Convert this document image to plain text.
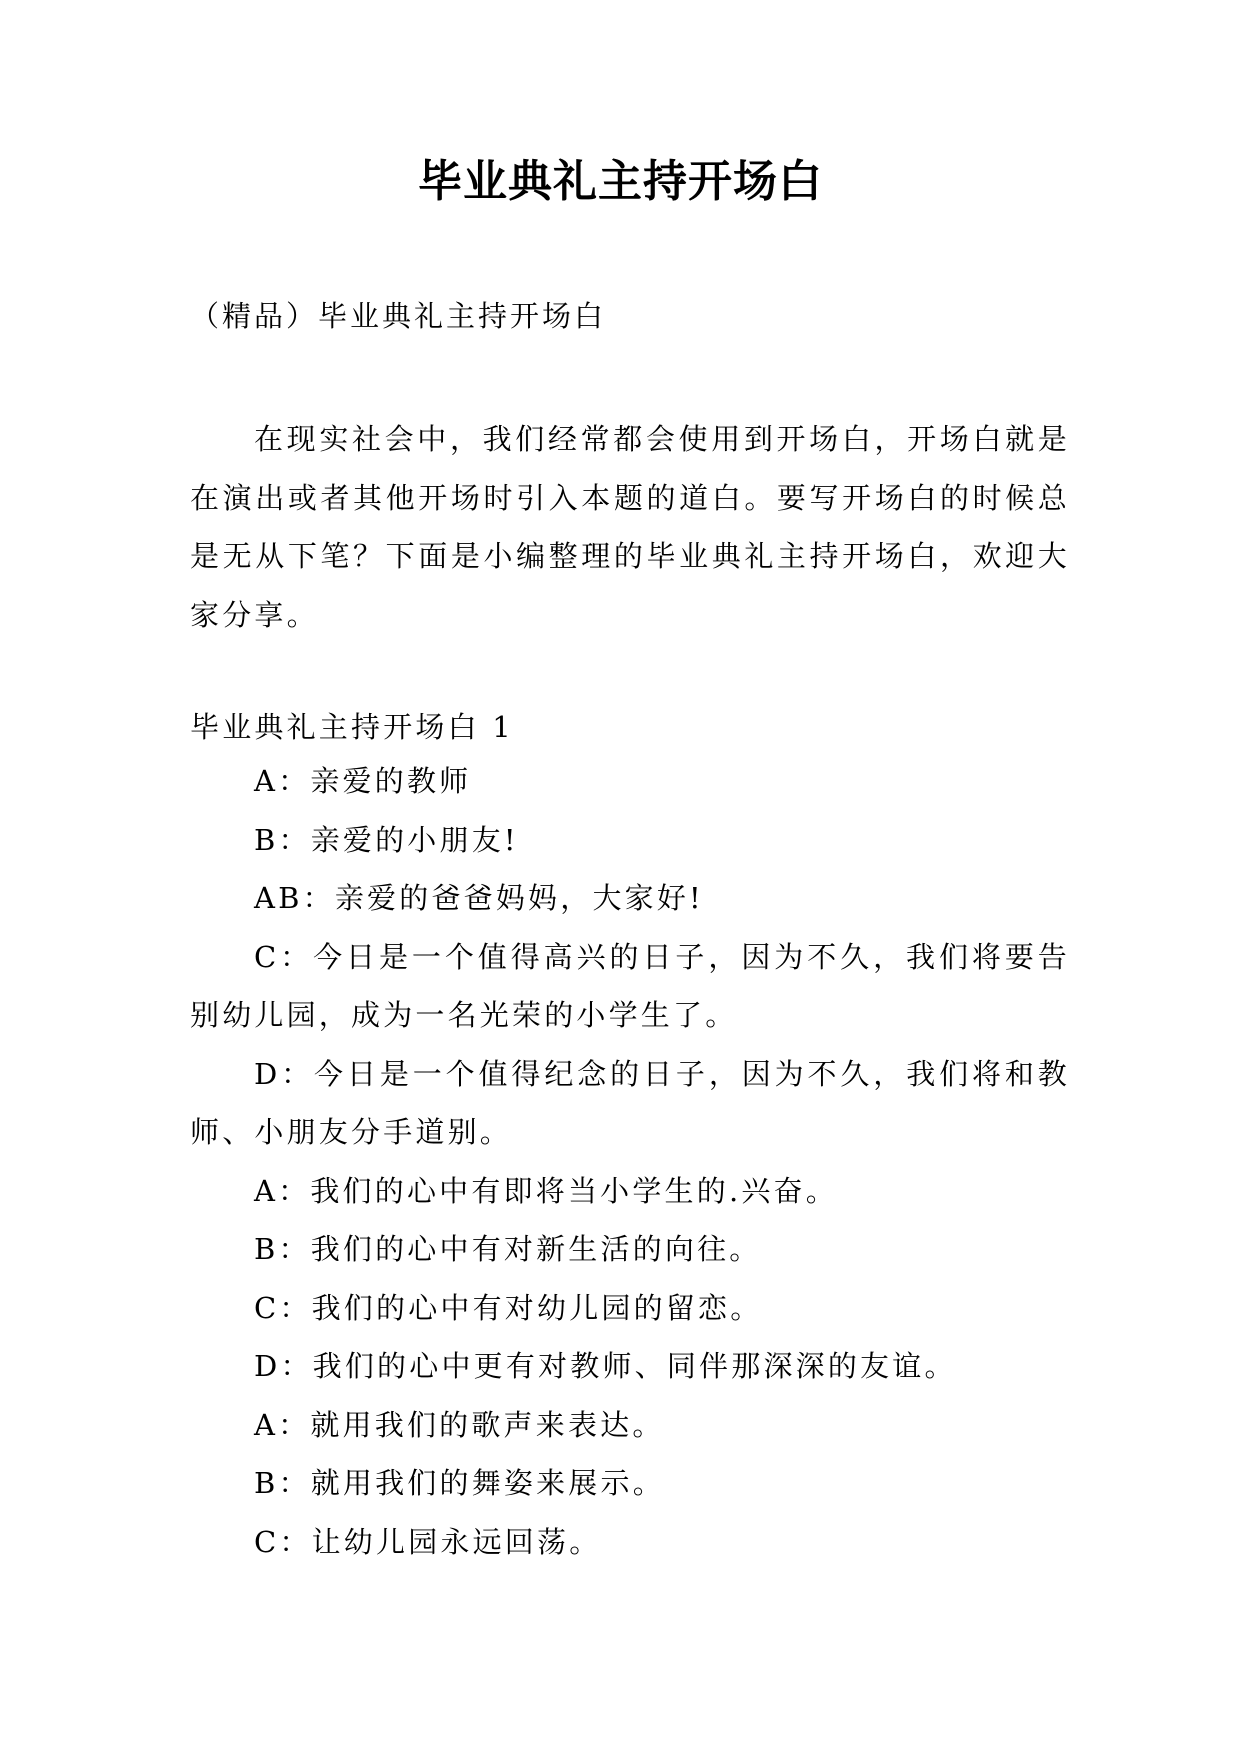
毕业典礼主持开场白
（精品）毕业典礼主持开场白

在现实社会中，我们经常都会使用到开场白，开场白就是在演出或者其他开场时引入本题的道白。要写开场白的时候总是无从下笔？下面是小编整理的毕业典礼主持开场白，欢迎大家分享。

毕业典礼主持开场白 1

A：亲爱的教师

B：亲爱的小朋友!

AB：亲爱的爸爸妈妈，大家好!

C：今日是一个值得高兴的日子，因为不久，我们将要告别幼儿园，成为一名光荣的小学生了。

D：今日是一个值得纪念的日子，因为不久，我们将和教师、小朋友分手道别。

A：我们的心中有即将当小学生的.兴奋。

B：我们的心中有对新生活的向往。

C：我们的心中有对幼儿园的留恋。

D：我们的心中更有对教师、同伴那深深的友谊。

A：就用我们的歌声来表达。

B：就用我们的舞姿来展示。

C：让幼儿园永远回荡。
